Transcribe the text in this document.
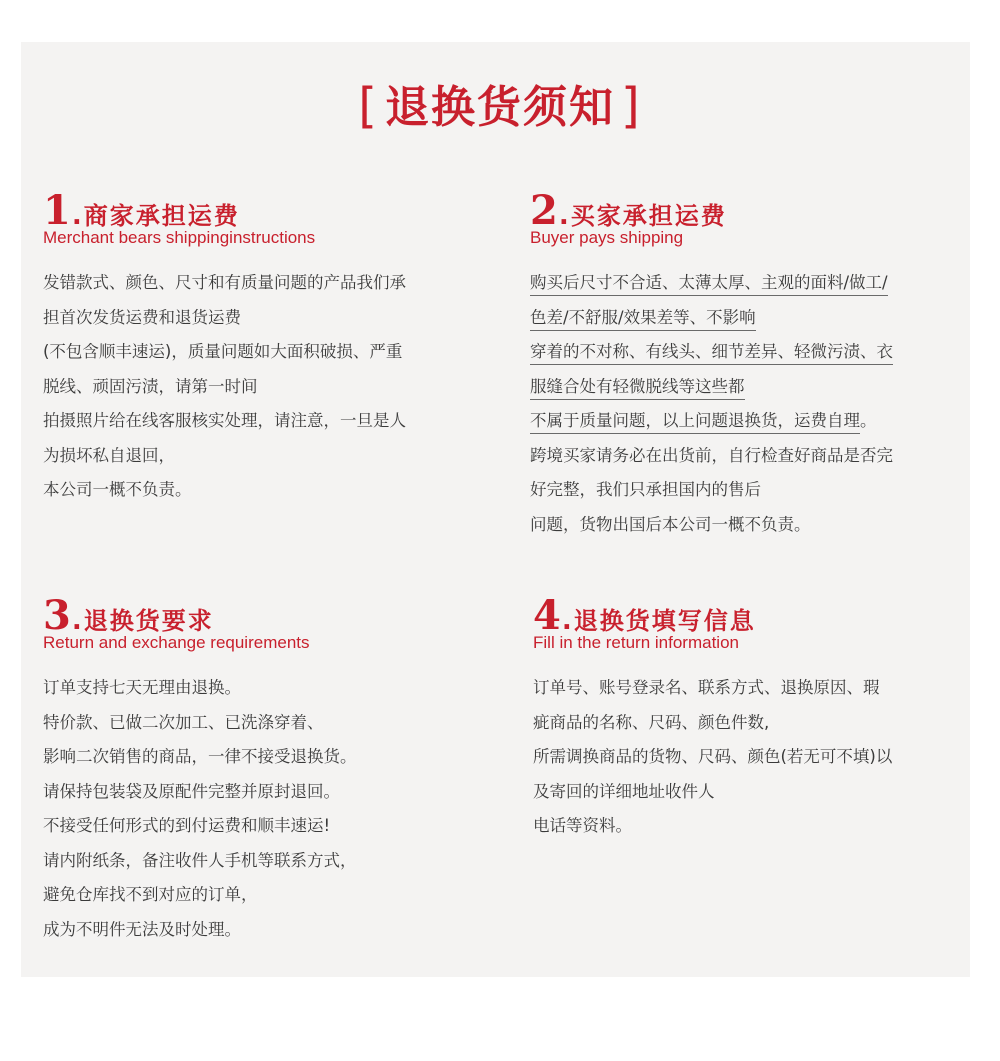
[ 退换货须知 ]
1 . 商家承担运费
Merchant bears shippinginstructions
发错款式、颜色、尺寸和有质量问题的产品我们承
担首次发货运费和退货运费
(不包含顺丰速运)，质量问题如大面积破损、严重
脱线、顽固污渍，请第一时间
拍摄照片给在线客服核实处理，请注意，一旦是人
为损坏私自退回，
本公司一概不负责。
2 . 买家承担运费
Buyer pays shipping
购买后尺寸不合适、太薄太厚、主观的面料/做工/
色差/不舒服/效果差等、不影响
穿着的不对称、有线头、细节差异、轻微污渍、衣
服缝合处有轻微脱线等这些都
不属于质量问题，以上问题退换货，运费自理。
跨境买家请务必在出货前，自行检查好商品是否完
好完整，我们只承担国内的售后
问题，货物出国后本公司一概不负责。
3 . 退换货要求
Return and exchange requirements
订单支持七天无理由退换。
特价款、已做二次加工、已洗涤穿着、
影响二次销售的商品，一律不接受退换货。
请保持包装袋及原配件完整并原封退回。
不接受任何形式的到付运费和顺丰速运!
请内附纸条，备注收件人手机等联系方式，
避免仓库找不到对应的订单，
成为不明件无法及时处理。
4 . 退换货填写信息
Fill in the return information
订单号、账号登录名、联系方式、退换原因、瑕
疵商品的名称、尺码、颜色件数,
所需调换商品的货物、尺码、颜色(若无可不填)以
及寄回的详细地址收件人
电话等资料。
